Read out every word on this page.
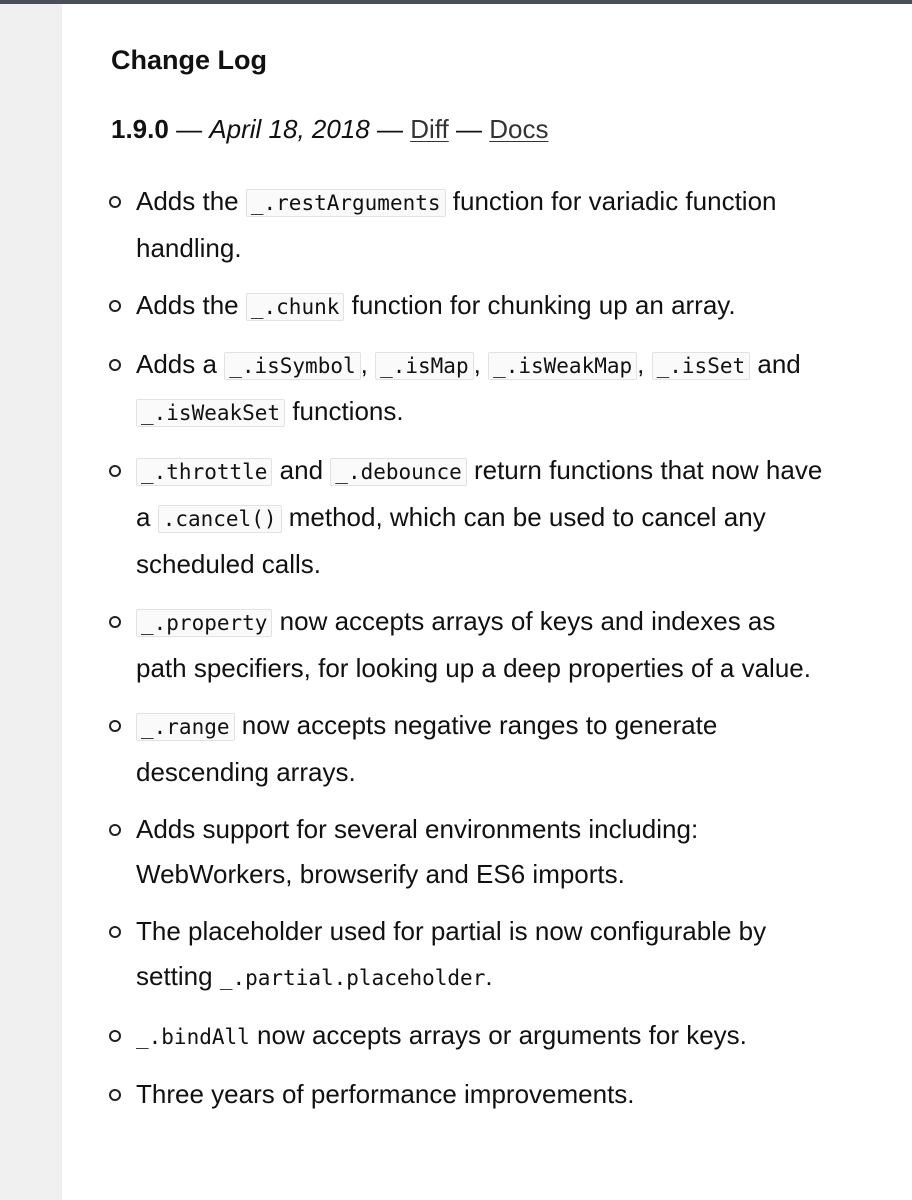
Change Log
1.9.0 — April 18, 2018 — Diff — Docs
Adds the _.restArguments function for variadic function handling.
Adds the _.chunk function for chunking up an array.
Adds a _.isSymbol , _.isMap , _.isWeakMap , _.isSet and _.isWeakSet functions.
_.throttle and _.debounce return functions that now have a .cancel() method, which can be used to cancel any scheduled calls.
_.property now accepts arrays of keys and indexes as path specifiers, for looking up a deep properties of a value.
_.range now accepts negative ranges to generate descending arrays.
Adds support for several environments including: WebWorkers, browserify and ES6 imports.
The placeholder used for partial is now configurable by setting _.partial.placeholder.
_.bindAll now accepts arrays or arguments for keys.
Three years of performance improvements.
